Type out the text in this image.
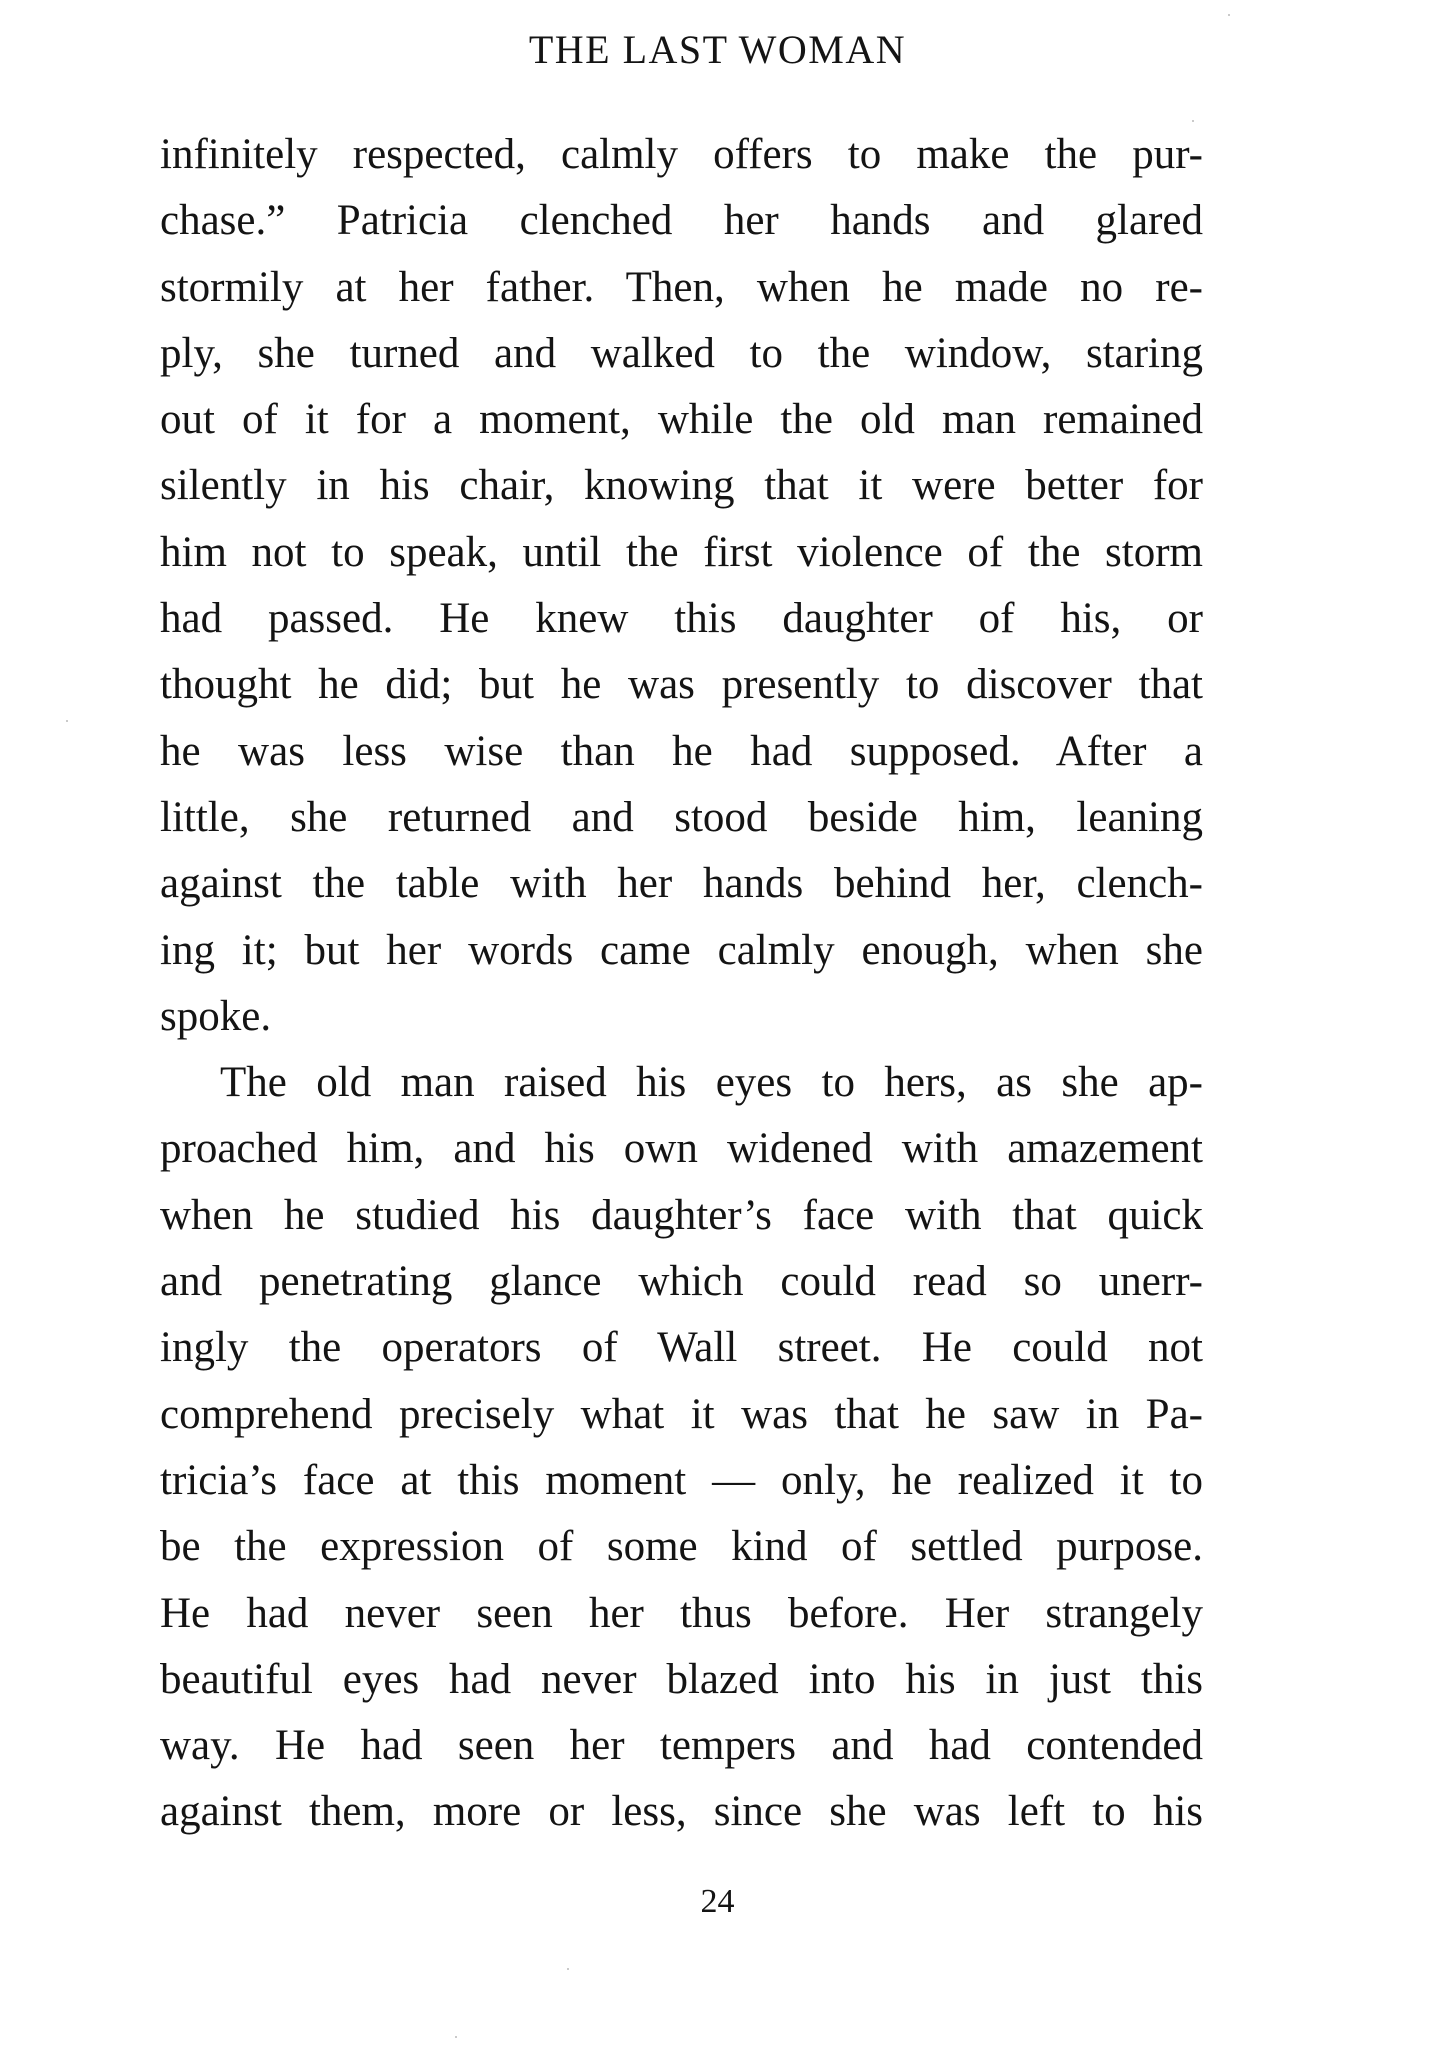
THE LAST WOMAN
infinitely respected, calmly offers to make the pur-
chase.” Patricia clenched her hands and glared
stormily at her father. Then, when he made no re-
ply, she turned and walked to the window, staring
out of it for a moment, while the old man remained
silently in his chair, knowing that it were better for
him not to speak, until the first violence of the storm
had passed. He knew this daughter of his, or
thought he did; but he was presently to discover that
he was less wise than he had supposed. After a
little, she returned and stood beside him, leaning
against the table with her hands behind her, clench-
ing it; but her words came calmly enough, when she
spoke.
The old man raised his eyes to hers, as she ap-
proached him, and his own widened with amazement
when he studied his daughter’s face with that quick
and penetrating glance which could read so unerr-
ingly the operators of Wall street. He could not
comprehend precisely what it was that he saw in Pa-
tricia’s face at this moment — only, he realized it to
be the expression of some kind of settled purpose.
He had never seen her thus before. Her strangely
beautiful eyes had never blazed into his in just this
way. He had seen her tempers and had contended
against them, more or less, since she was left to his
24
